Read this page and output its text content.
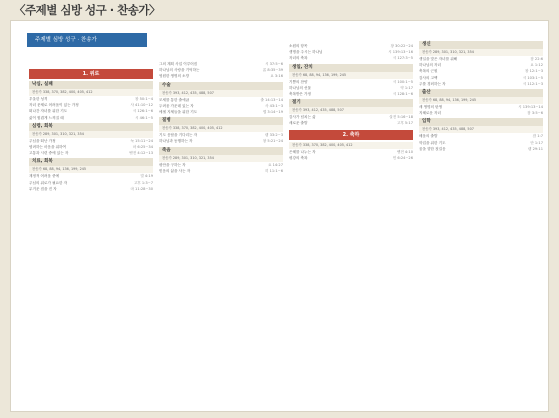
〈주제별 심방 성구 · 찬송가〉
주제별 심방 성구 · 찬송가
1. 위로
낙심, 실패
찬송가 338, 370, 382, 400, 405, 412
우울한 성격	창 50:1~4
자녀 문제로 어려움이 있는 가정	사 41:10~12
떠나간 자녀를 위한 기도	시 126:1~6
삶이 힘겹게 느껴질 때	시 46:1~5
심령, 회복
찬송가 289, 301, 310, 321, 354
주님을 떠난 가정	눅 15:11~24
염려하는 마음을 위하여	마 6:25~34
고통과 시련 중에 있는 자	벧전 4:12~13
치료, 회복
찬송가 68, 88, 94, 136, 199, 245
재정적 어려움 중에	빌 4:19
주님의 위로가 필요한 자	고후 1:3~7
무거운 짐을 진 자	마 11:28~30
그의 계획 사업 이루어짐	시 37:5~6
하나님의 사랑을 기억하는	롬 8:35~39
영원한 생명의 소망	요 3:16
수술
찬송가 393, 412, 435, 488, 507
모세를 통한 출애굽	출 14:13~14
두려움 가운데 있는 자	사 43:1~3
에셀 지체들을 위한 기도	엡 3:14~19
질병
찬송가 338, 370, 382, 400, 405, 412
기도 응답을 기다리는 자	렘 33:2~3
하나님과 동행하는 자	창 5:21~24
죽음
찬송가 289, 301, 310, 321, 354
평안을 구하는 자	요 14:27
믿음의 삶을 사는 자	히 11:1~6
소원의 항목	창 30:22~24
생명을 주시는 하나님	시 139:13~16
자녀의 축복	시 127:3~5
생일, 잔치
찬송가 68, 88, 94, 136, 199, 245
기쁨의 찬양	시 100:1~5
하나님의 선물	약 1:17
축복받은 가정	시 128:1~6
절기
찬송가 393, 412, 435, 488, 507
감사가 넘치는 삶	살전 5:16~18
새로운 출발	고후 5:17
2. 축하
찬송가 338, 370, 382, 400, 405, 412
은혜를 나누는 자	벧전 4:10
평강의 축복	민 6:24~26
생신
찬송가 289, 301, 310, 321, 354
생일을 맞은 자녀를 위해	잠 22:6
하나님의 자녀	요 1:12
축복의 근원	창 12:1~3
감사의 고백	시 103:1~5
주를 경외하는 자	시 112:1~3
출산
찬송가 68, 88, 94, 136, 199, 245
새 생명의 탄생	시 139:13~14
지혜로운 자녀	잠 3:5~6
입학
찬송가 393, 412, 435, 488, 507
배움의 출발	잠 1:7
학업을 위한 기도	단 1:17
꿈을 향한 첫걸음	렘 29:11
